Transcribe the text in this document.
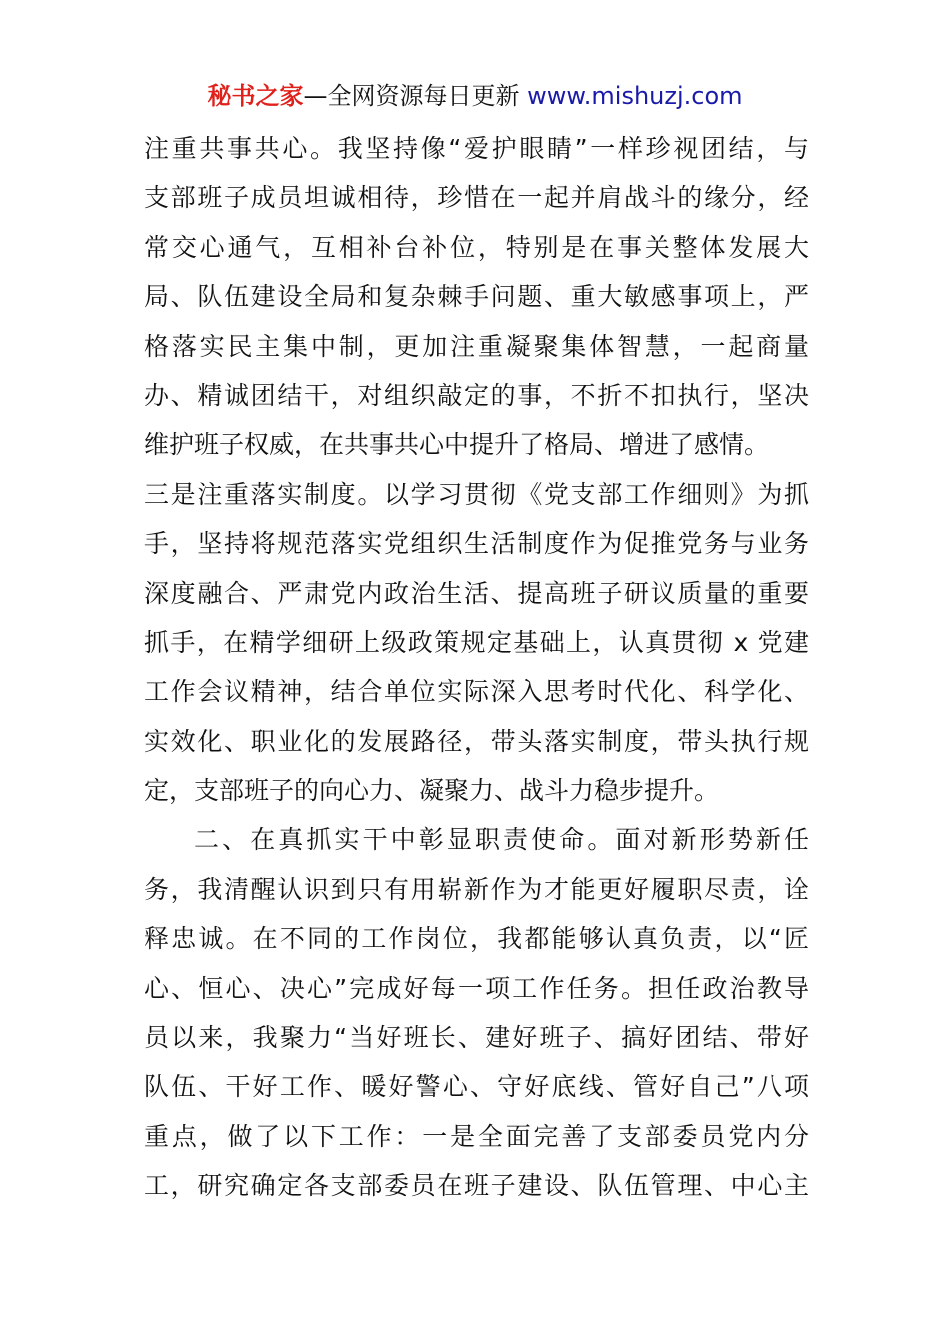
秘书之家—全网资源每日更新 www.mishuzj.com
注重共事共心。我坚持像“爱护眼睛”一样珍视团结，与
支部班子成员坦诚相待，珍惜在一起并肩战斗的缘分，经
常交心通气，互相补台补位，特别是在事关整体发展大
局、队伍建设全局和复杂棘手问题、重大敏感事项上，严
格落实民主集中制，更加注重凝聚集体智慧，一起商量
办、精诚团结干，对组织敲定的事，不折不扣执行，坚决
维护班子权威，在共事共心中提升了格局、增进了感情。
三是注重落实制度。以学习贯彻《党支部工作细则》为抓
手，坚持将规范落实党组织生活制度作为促推党务与业务
深度融合、严肃党内政治生活、提高班子研议质量的重要
抓手，在精学细研上级政策规定基础上，认真贯彻 x 党建
工作会议精神，结合单位实际深入思考时代化、科学化、
实效化、职业化的发展路径，带头落实制度，带头执行规
定，支部班子的向心力、凝聚力、战斗力稳步提升。
二、在真抓实干中彰显职责使命。面对新形势新任
务，我清醒认识到只有用崭新作为才能更好履职尽责，诠
释忠诚。在不同的工作岗位，我都能够认真负责，以“匠
心、恒心、决心”完成好每一项工作任务。担任政治教导
员以来，我聚力“当好班长、建好班子、搞好团结、带好
队伍、干好工作、暖好警心、守好底线、管好自己”八项
重点，做了以下工作：一是全面完善了支部委员党内分
工，研究确定各支部委员在班子建设、队伍管理、中心主
